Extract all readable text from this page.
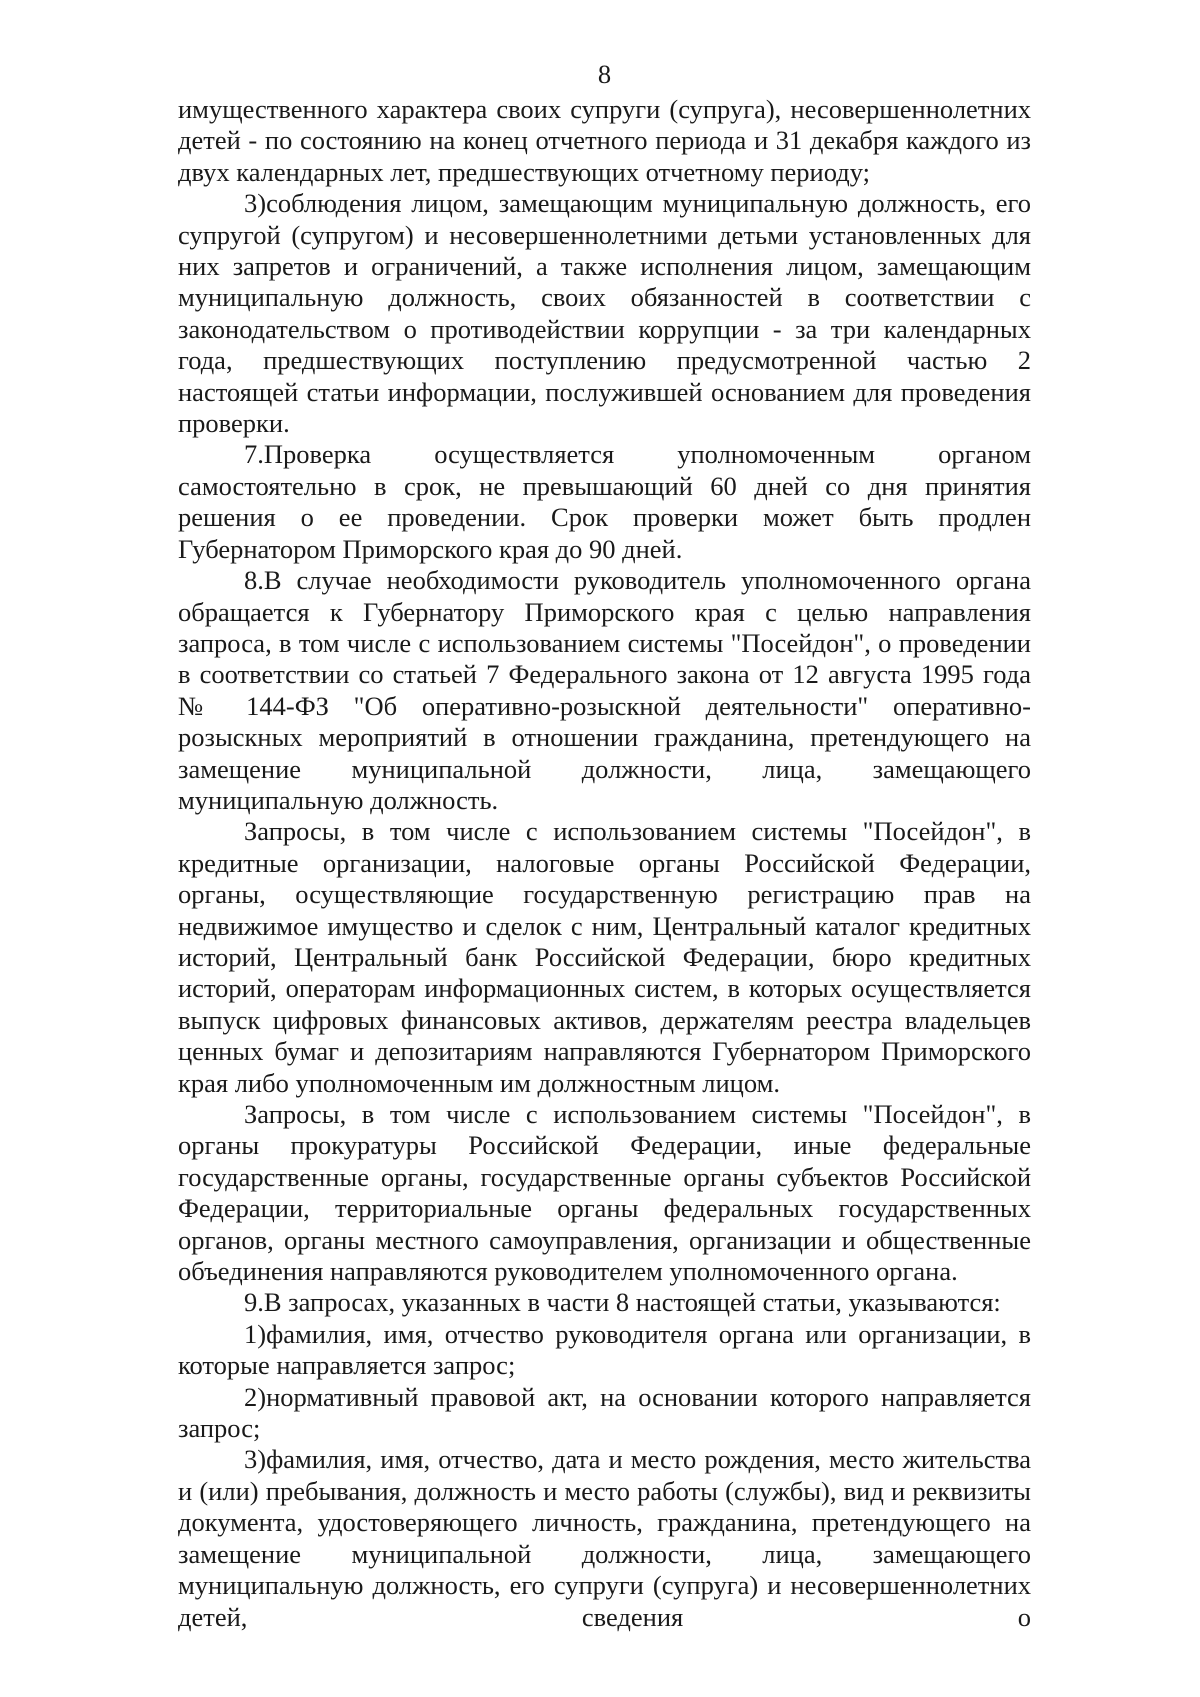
8

имущественного характера своих супруги (супруга), несовершеннолетних детей - по состоянию на конец отчетного периода и 31 декабря каждого из двух календарных лет, предшествующих отчетному периоду;

3)соблюдения лицом, замещающим муниципальную должность, его супругой (супругом) и несовершеннолетними детьми установленных для них запретов и ограничений, а также исполнения лицом, замещающим муниципальную должность, своих обязанностей в соответствии с законодательством о противодействии коррупции - за три календарных года, предшествующих поступлению предусмотренной частью 2 настоящей статьи информации, послужившей основанием для проведения проверки.

7.Проверка осуществляется уполномоченным органом самостоятельно в срок, не превышающий 60 дней со дня принятия решения о ее проведении. Срок проверки может быть продлен Губернатором Приморского края до 90 дней.

8.В случае необходимости руководитель уполномоченного органа обращается к Губернатору Приморского края с целью направления запроса, в том числе с использованием системы "Посейдон", о проведении в соответствии со статьей 7 Федерального закона от 12 августа 1995 года № 144-ФЗ "Об оперативно-розыскной деятельности" оперативно-розыскных мероприятий в отношении гражданина, претендующего на замещение муниципальной должности, лица, замещающего муниципальную должность.

Запросы, в том числе с использованием системы "Посейдон", в кредитные организации, налоговые органы Российской Федерации, органы, осуществляющие государственную регистрацию прав на недвижимое имущество и сделок с ним, Центральный каталог кредитных историй, Центральный банк Российской Федерации, бюро кредитных историй, операторам информационных систем, в которых осуществляется выпуск цифровых финансовых активов, держателям реестра владельцев ценных бумаг и депозитариям направляются Губернатором Приморского края либо уполномоченным им должностным лицом.

Запросы, в том числе с использованием системы "Посейдон", в органы прокуратуры Российской Федерации, иные федеральные государственные органы, государственные органы субъектов Российской Федерации, территориальные органы федеральных государственных органов, органы местного самоуправления, организации и общественные объединения направляются руководителем уполномоченного органа.

9.В запросах, указанных в части 8 настоящей статьи, указываются:

1)фамилия, имя, отчество руководителя органа или организации, в которые направляется запрос;

2)нормативный правовой акт, на основании которого направляется запрос;

3)фамилия, имя, отчество, дата и место рождения, место жительства и (или) пребывания, должность и место работы (службы), вид и реквизиты документа, удостоверяющего личность, гражданина, претендующего на замещение муниципальной должности, лица, замещающего муниципальную должность, его супруги (супруга) и несовершеннолетних детей, сведения о
